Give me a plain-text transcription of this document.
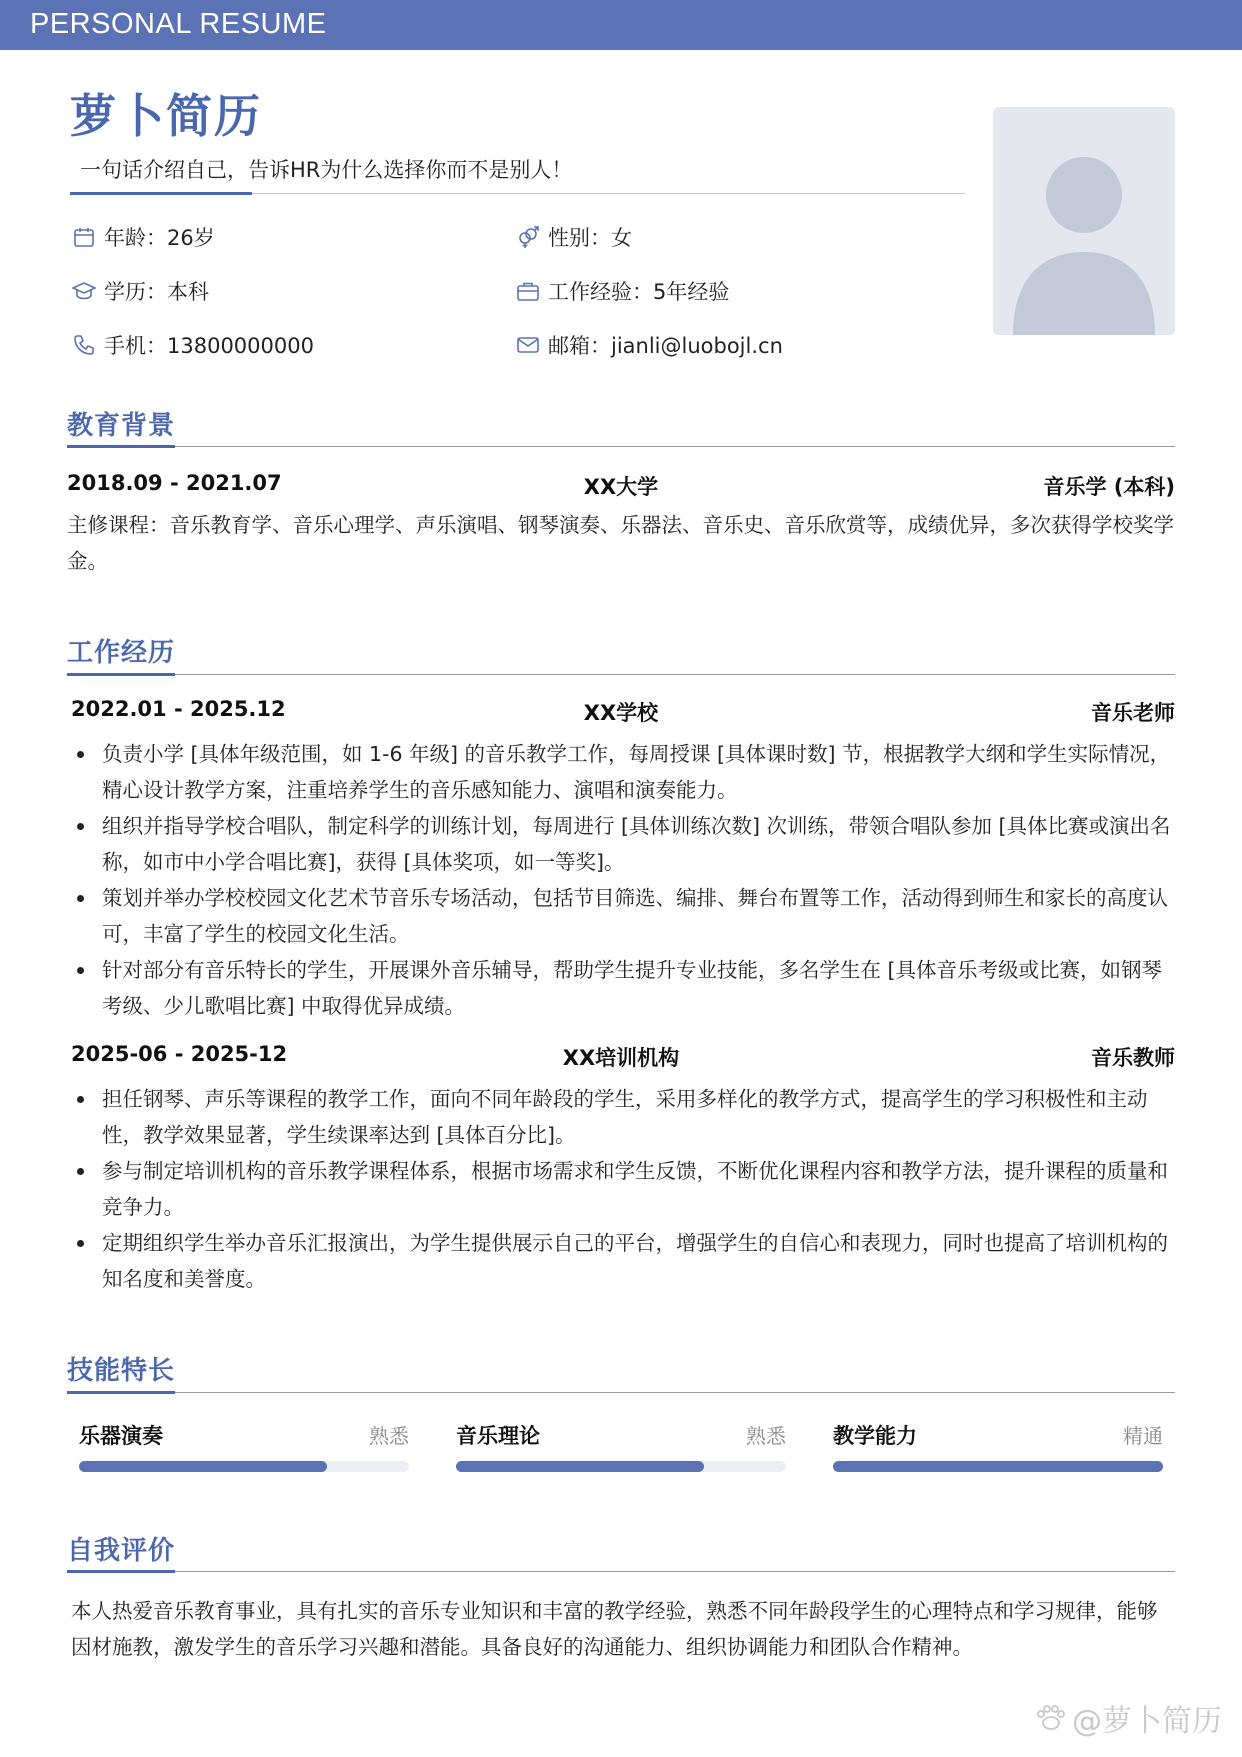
PERSONAL RESUME
萝卜简历
一句话介绍自己，告诉HR为什么选择你而不是别人！
年龄：26岁	性别：女
学历：本科	工作经验：5年经验
手机：13800000000	邮箱：jianli@luobojl.cn
教育背景
2018.09 - 2021.07	XX大学	音乐学 (本科)
主修课程：音乐教育学、音乐心理学、声乐演唱、钢琴演奏、乐器法、音乐史、音乐欣赏等，成绩优异，多次获得学校奖学金。
工作经历
2022.01 - 2025.12	XX学校	音乐老师
负责小学 [具体年级范围，如 1-6 年级] 的音乐教学工作，每周授课 [具体课时数] 节，根据教学大纲和学生实际情况，精心设计教学方案，注重培养学生的音乐感知能力、演唱和演奏能力。
组织并指导学校合唱队，制定科学的训练计划，每周进行 [具体训练次数] 次训练，带领合唱队参加 [具体比赛或演出名称，如市中小学合唱比赛]，获得 [具体奖项，如一等奖]。
策划并举办学校校园文化艺术节音乐专场活动，包括节目筛选、编排、舞台布置等工作，活动得到师生和家长的高度认可，丰富了学生的校园文化生活。
针对部分有音乐特长的学生，开展课外音乐辅导，帮助学生提升专业技能，多名学生在 [具体音乐考级或比赛，如钢琴考级、少儿歌唱比赛] 中取得优异成绩。
2025-06 - 2025-12	XX培训机构	音乐教师
担任钢琴、声乐等课程的教学工作，面向不同年龄段的学生，采用多样化的教学方式，提高学生的学习积极性和主动性，教学效果显著，学生续课率达到 [具体百分比]。
参与制定培训机构的音乐教学课程体系，根据市场需求和学生反馈，不断优化课程内容和教学方法，提升课程的质量和竞争力。
定期组织学生举办音乐汇报演出，为学生提供展示自己的平台，增强学生的自信心和表现力，同时也提高了培训机构的知名度和美誉度。
技能特长
乐器演奏	熟悉 音乐理论	熟悉 教学能力	精通
自我评价
本人热爱音乐教育事业，具有扎实的音乐专业知识和丰富的教学经验，熟悉不同年龄段学生的心理特点和学习规律，能够因材施教，激发学生的音乐学习兴趣和潜能。具备良好的沟通能力、组织协调能力和团队合作精神。
@萝卜简历
